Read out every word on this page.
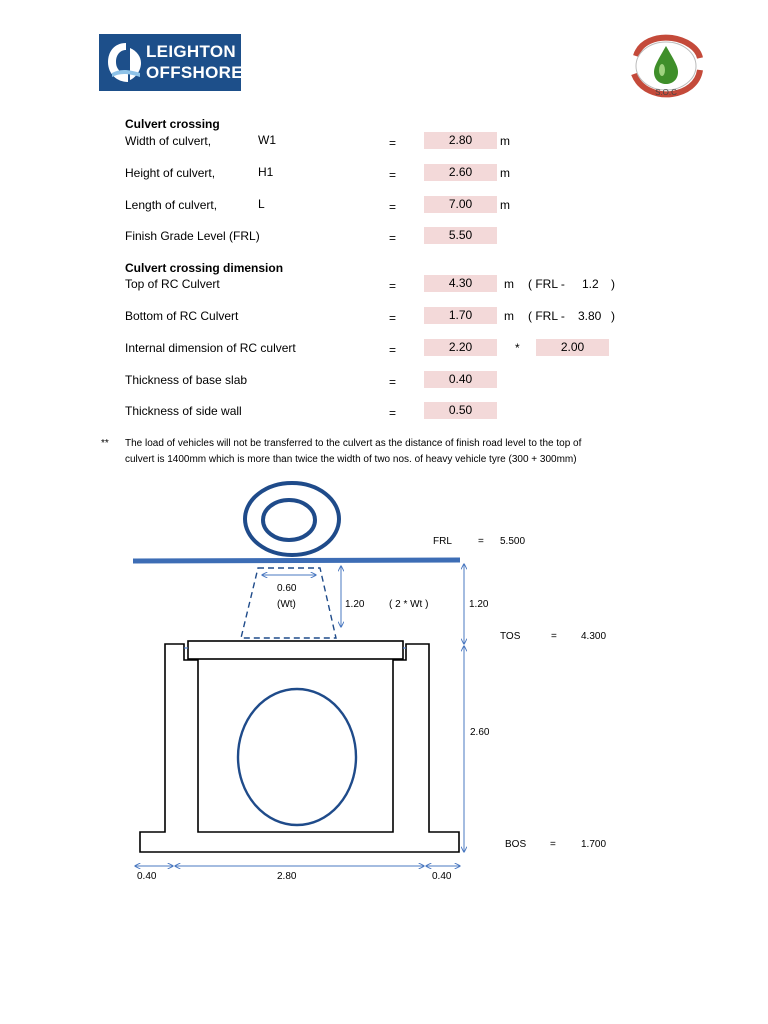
LEIGHTON
OFFSHORE
S.O.C
Culvert crossing
Width of culvert,	W1	=	2.80	m
Height of culvert,	H1	=	2.60	m
Length of culvert,	L	=	7.00	m
Finish Grade Level (FRL)	=	5.50
Culvert crossing dimension
Top of RC Culvert	=	4.30	m ( FRL - 1.2 )
Bottom of RC Culvert	=	1.70	m ( FRL - 3.80 )
Internal dimension of RC culvert	=	2.20	*	2.00
Thickness of base slab	=	0.40
Thickness of side wall	=	0.50
** The load of vehicles will not be transferred to the culvert as the distance of finish road level to the top of
culvert is 1400mm which is more than twice the width of two nos. of heavy vehicle tyre (300 + 300mm)
FRL	= 5.500
0.60
(Wt)	1.20 ( 2 * Wt )	1.20
TOS	= 4.300
2.60
BOS =	1.700
0.40	2.80	0.40
